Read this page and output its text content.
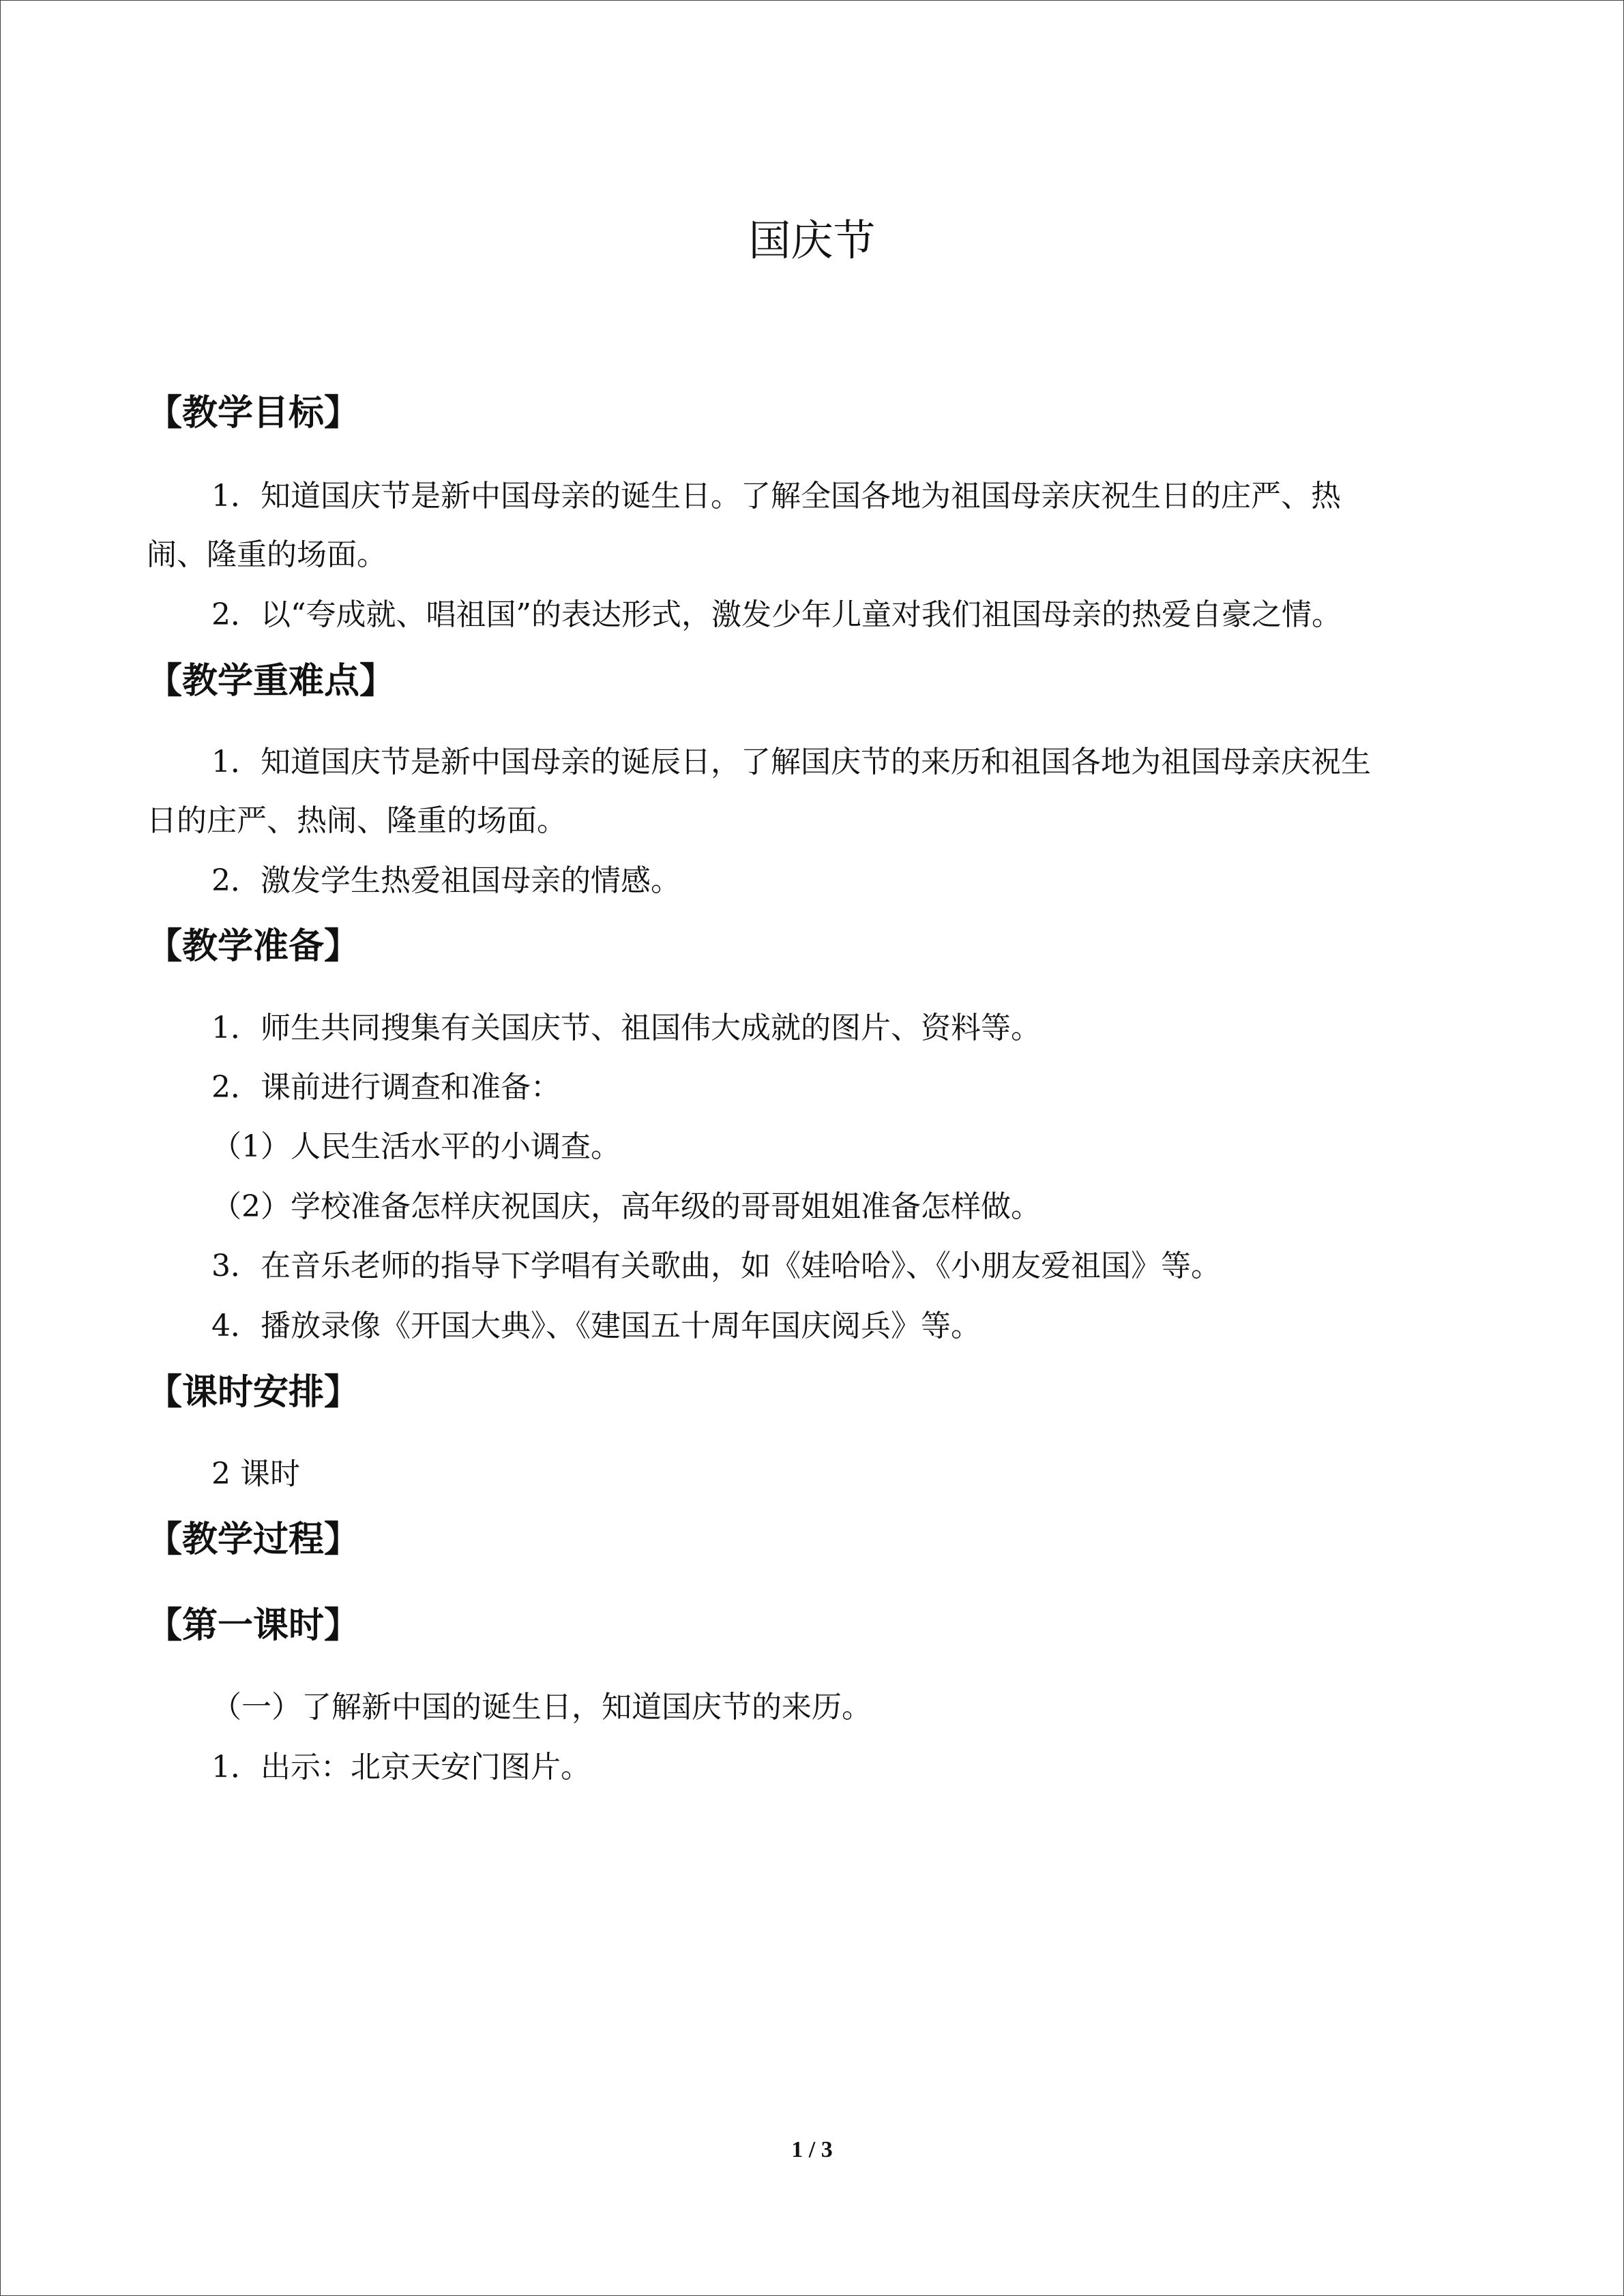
国庆节
【教学目标】
1．知道国庆节是新中国母亲的诞生日。了解全国各地为祖国母亲庆祝生日的庄严、热
闹、隆重的场面。
2．以“夸成就、唱祖国”的表达形式，激发少年儿童对我们祖国母亲的热爱自豪之情。
【教学重难点】
1．知道国庆节是新中国母亲的诞辰日，了解国庆节的来历和祖国各地为祖国母亲庆祝生
日的庄严、热闹、隆重的场面。
2．激发学生热爱祖国母亲的情感。
【教学准备】
1．师生共同搜集有关国庆节、祖国伟大成就的图片、资料等。
2．课前进行调查和准备：
（1）人民生活水平的小调查。
（2）学校准备怎样庆祝国庆，高年级的哥哥姐姐准备怎样做。
3．在音乐老师的指导下学唱有关歌曲，如《娃哈哈》、《小朋友爱祖国》等。
4．播放录像《开国大典》、《建国五十周年国庆阅兵》等。
【课时安排】
2 课时
【教学过程】
【第一课时】
（一）了解新中国的诞生日，知道国庆节的来历。
1．出示：北京天安门图片。
1 / 3
